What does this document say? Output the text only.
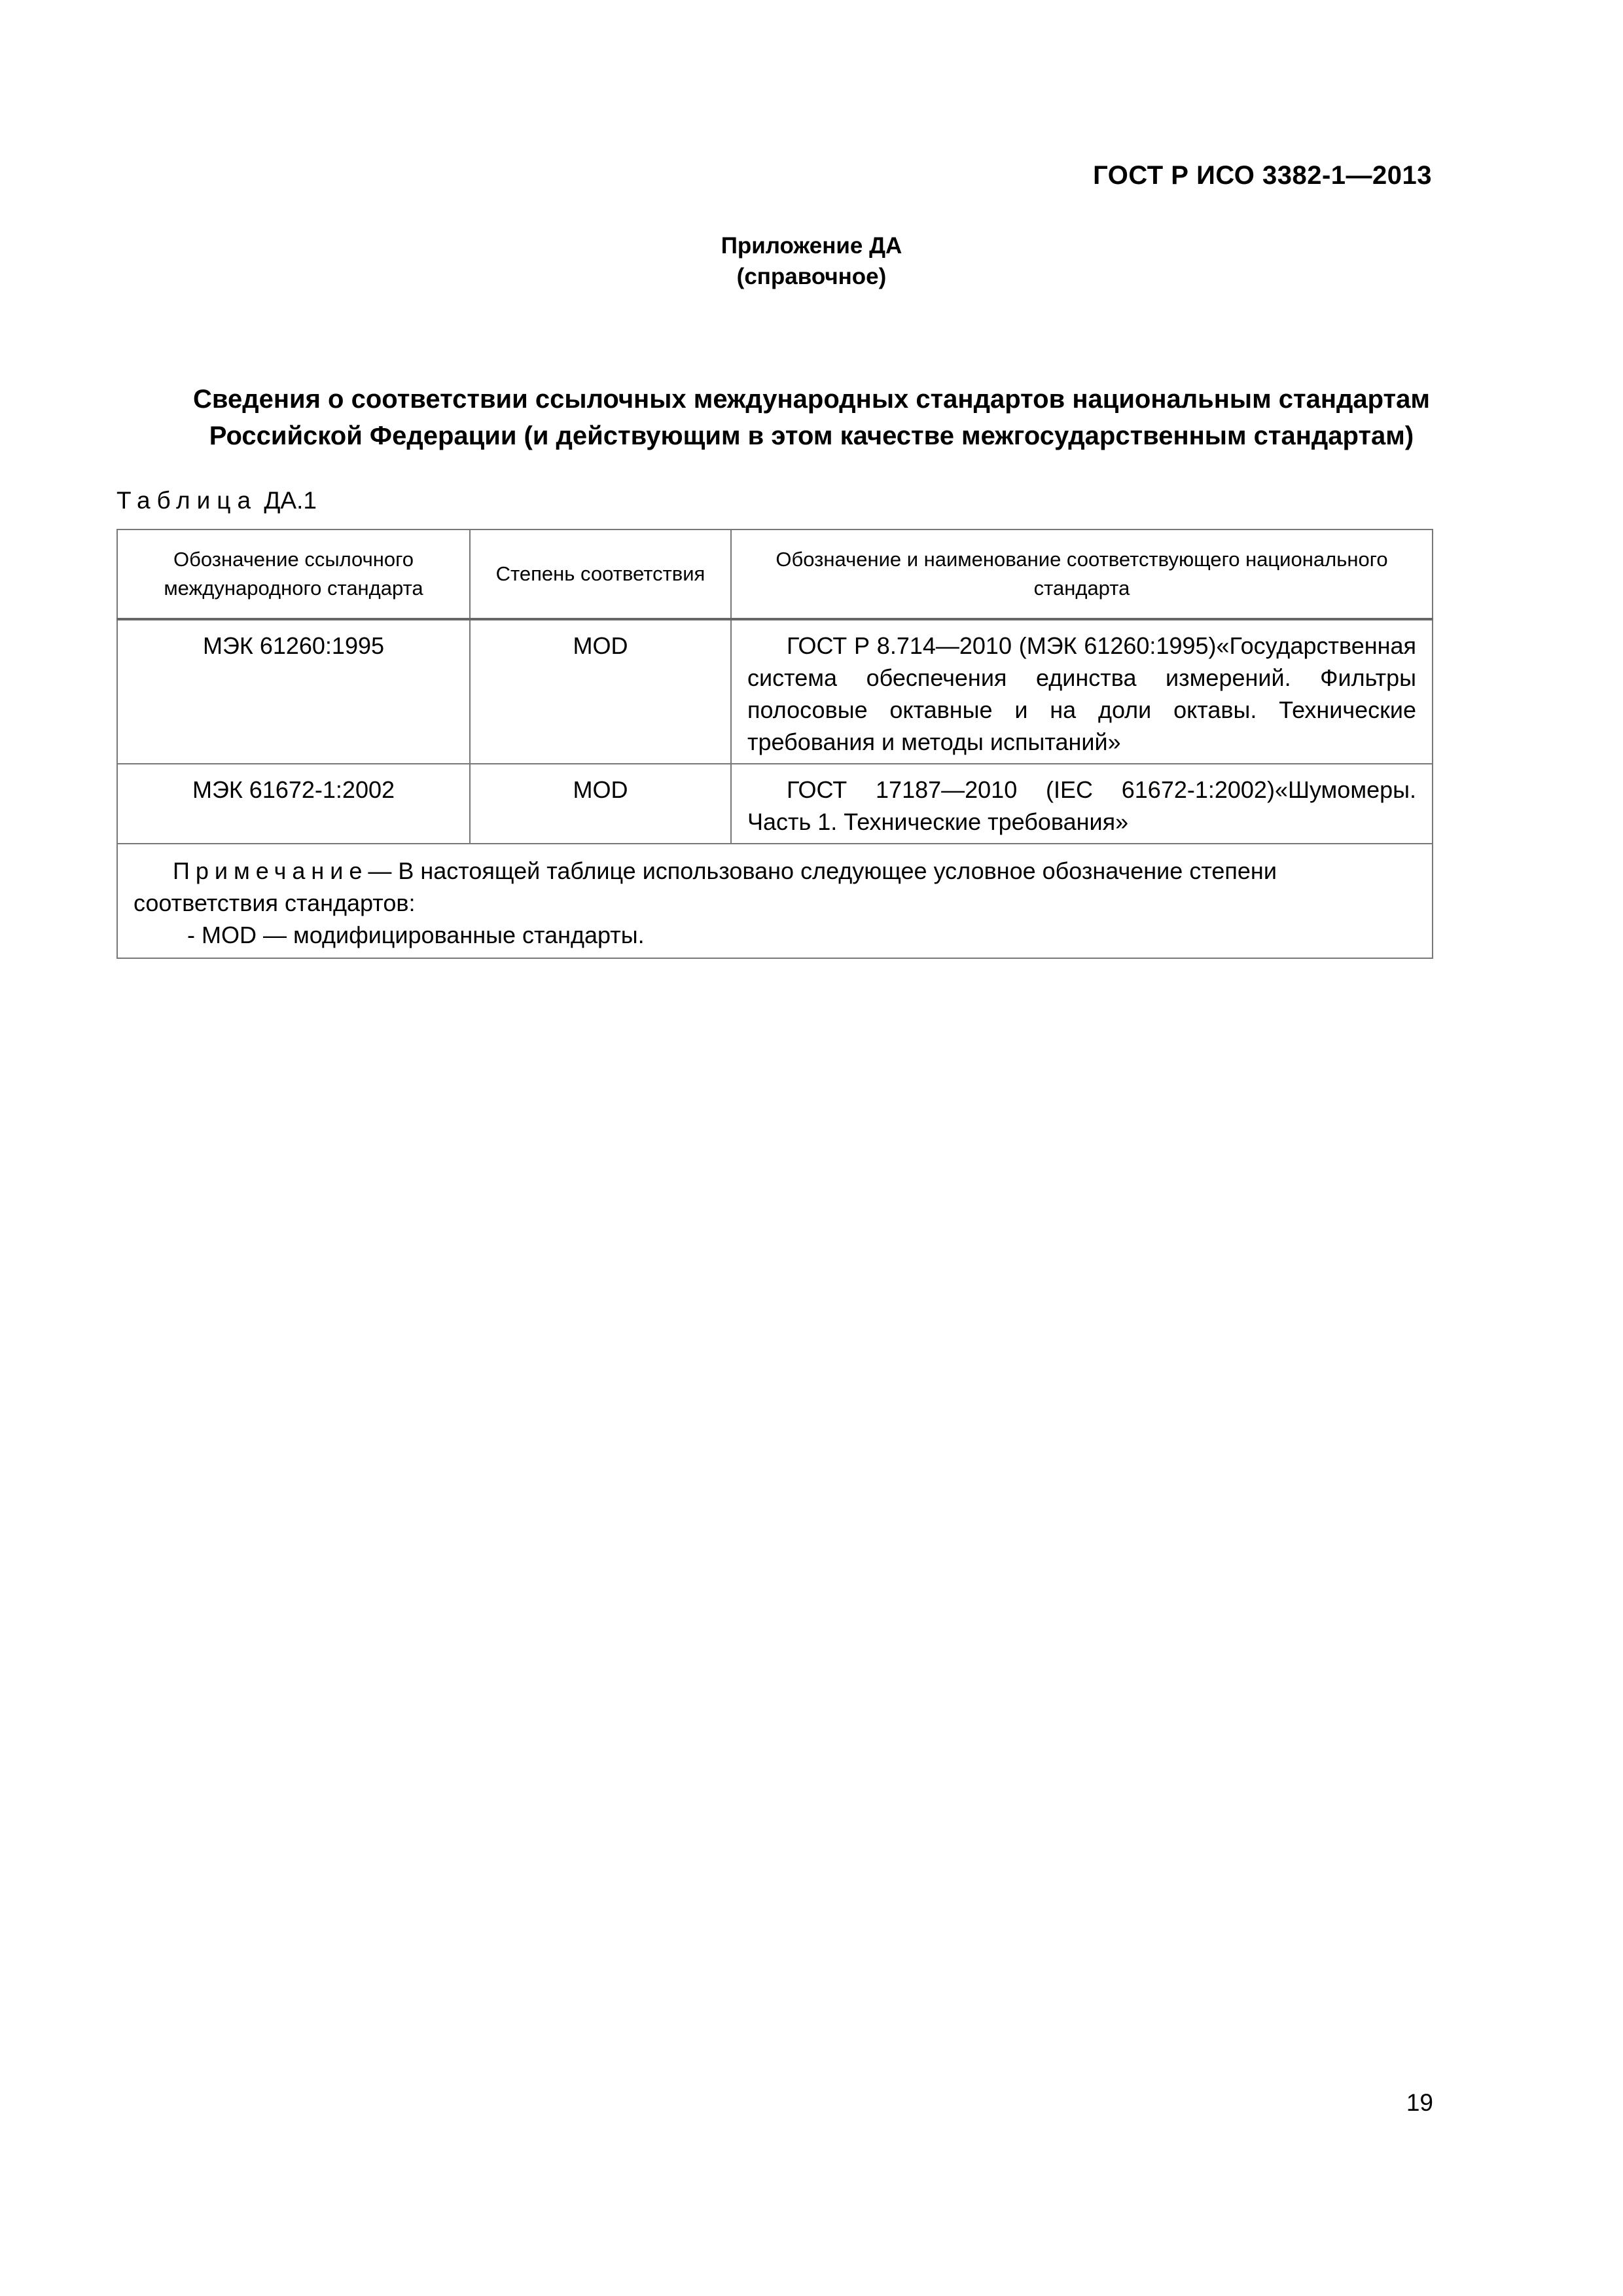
ГОСТ Р ИСО 3382-1—2013
Приложение ДА
(справочное)
Сведения о соответствии ссылочных международных стандартов национальным стандартам
Российской Федерации (и действующим в этом качестве межгосударственным стандартам)
Таблица ДА.1
Обозначение ссылочного международного стандарта	Степень соответствия	Обозначение и наименование соответствующего национального стандарта
МЭК 61260:1995	MOD	ГОСТ Р 8.714—2010 (МЭК 61260:1995)«Государственная система обеспечения единства измерений. Фильтры полосовые октавные и на доли октавы. Технические требования и методы испытаний»
МЭК 61672-1:2002	MOD	ГОСТ 17187—2010 (IEC 61672-1:2002)«Шумомеры. Часть 1. Технические требования»

Примечание— В настоящей таблице использовано следующее условное обозначение степени соответствия стандартов:
- MOD — модифицированные стандарты.		
19
